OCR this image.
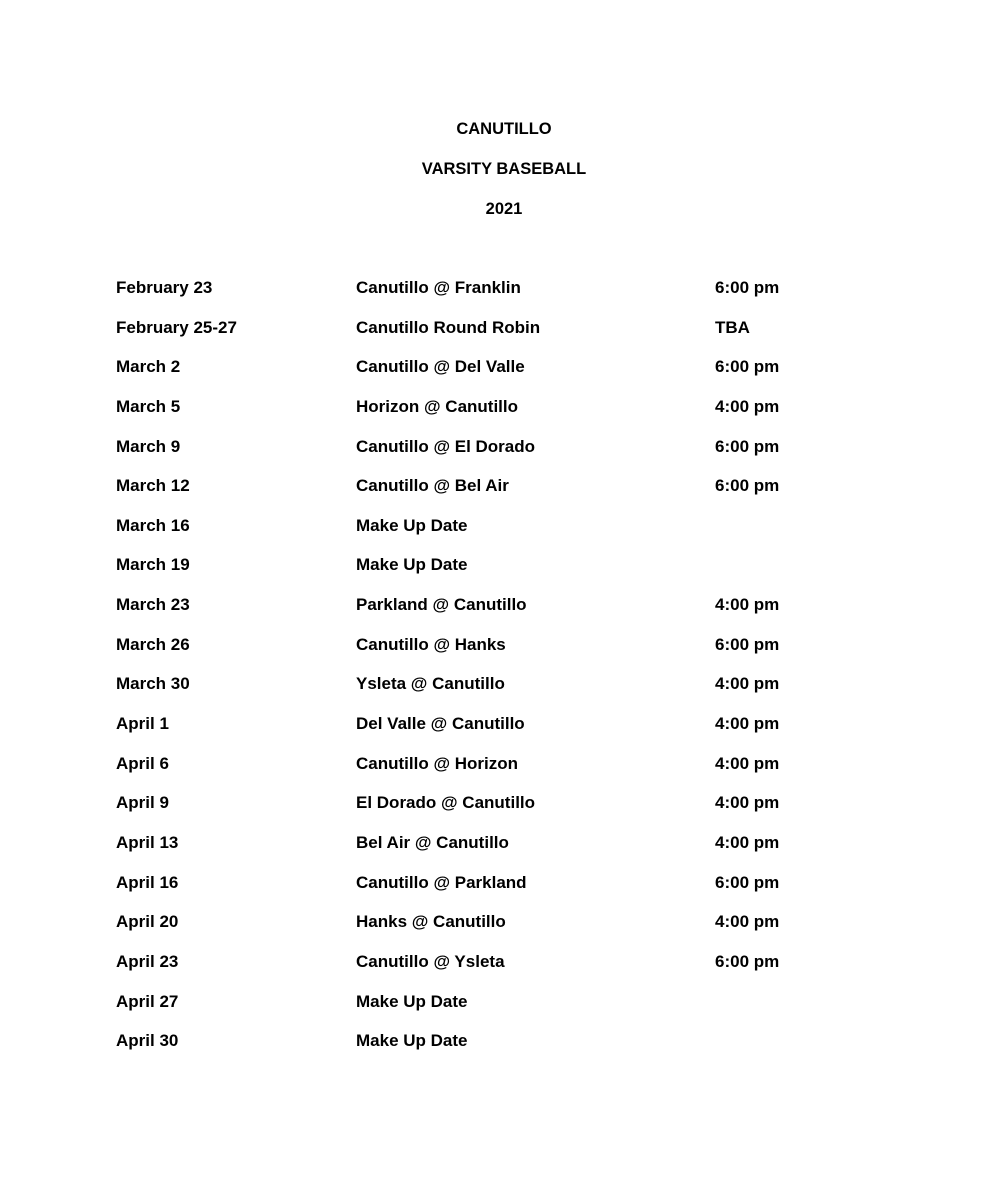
CANUTILLO
VARSITY BASEBALL
2021
February 23	Canutillo @ Franklin	6:00 pm
February 25-27	Canutillo Round Robin	TBA
March 2	Canutillo @ Del Valle	6:00 pm
March 5	Horizon @ Canutillo	4:00 pm
March 9	Canutillo @ El Dorado	6:00 pm
March 12	Canutillo @ Bel Air	6:00 pm
March 16	Make Up Date
March 19	Make Up Date
March 23	Parkland @ Canutillo	4:00 pm
March 26	Canutillo @ Hanks	6:00 pm
March 30	Ysleta @ Canutillo	4:00 pm
April 1	Del Valle @ Canutillo	4:00 pm
April 6	Canutillo @ Horizon	4:00 pm
April 9	El Dorado @ Canutillo	4:00 pm
April 13	Bel Air @ Canutillo	4:00 pm
April 16	Canutillo @ Parkland	6:00 pm
April 20	Hanks @ Canutillo	4:00 pm
April 23	Canutillo @ Ysleta	6:00 pm
April 27	Make Up Date
April 30	Make Up Date
